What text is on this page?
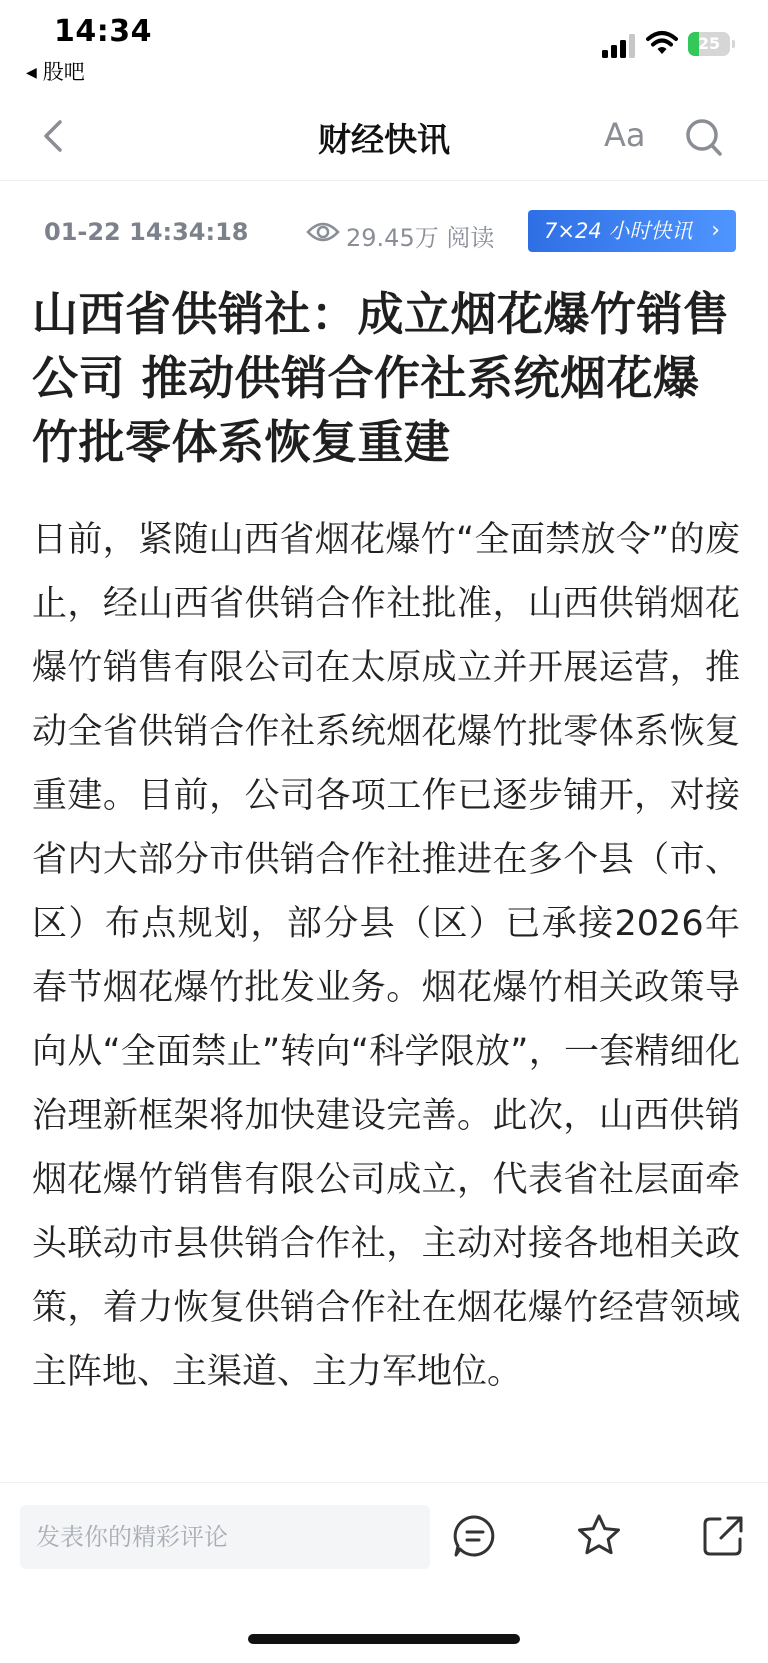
14:34
◀ 股吧
25
财经快讯	Aa
01-22 14:34:18	29.45万 阅读	7×24 小时快讯 ›
山西省供销社：成立烟花爆竹销售公司 推动供销合作社系统烟花爆竹批零体系恢复重建

日前，紧随山西省烟花爆竹“全面禁放令”的废止，经山西省供销合作社批准，山西供销烟花爆竹销售有限公司在太原成立并开展运营，推动全省供销合作社系统烟花爆竹批零体系恢复重建。目前，公司各项工作已逐步铺开，对接省内大部分市供销合作社推进在多个县（市、区）布点规划，部分县（区）已承接2026年春节烟花爆竹批发业务。烟花爆竹相关政策导向从“全面禁止”转向“科学限放”，一套精细化治理新框架将加快建设完善。此次，山西供销烟花爆竹销售有限公司成立，代表省社层面牵头联动市县供销合作社，主动对接各地相关政策，着力恢复供销合作社在烟花爆竹经营领域主阵地、主渠道、主力军地位。

发表你的精彩评论
